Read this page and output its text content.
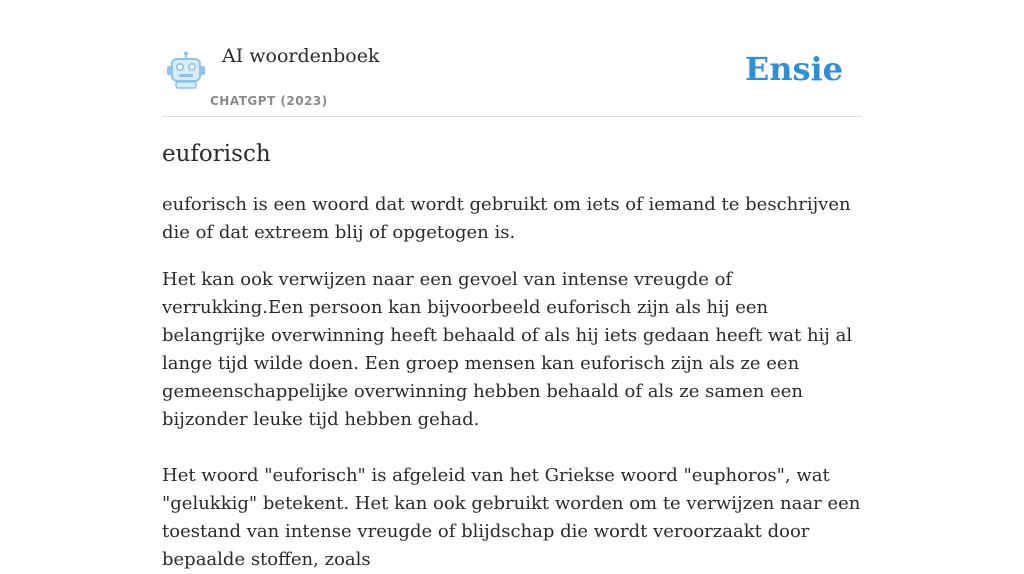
AI woordenboek
CHATGPT (2023)
Ensie
euforisch

euforisch is een woord dat wordt gebruikt om iets of iemand te beschrijven die of dat extreem blij of opgetogen is.

Het kan ook verwijzen naar een gevoel van intense vreugde of verrukking.Een persoon kan bijvoorbeeld euforisch zijn als hij een belangrijke overwinning heeft behaald of als hij iets gedaan heeft wat hij al lange tijd wilde doen. Een groep mensen kan euforisch zijn als ze een gemeenschappelijke overwinning hebben behaald of als ze samen een bijzonder leuke tijd hebben gehad.

Het woord "euforisch" is afgeleid van het Griekse woord "euphoros", wat "gelukkig" betekent. Het kan ook gebruikt worden om te verwijzen naar een toestand van intense vreugde of blijdschap die wordt veroorzaakt door bepaalde stoffen, zoals
